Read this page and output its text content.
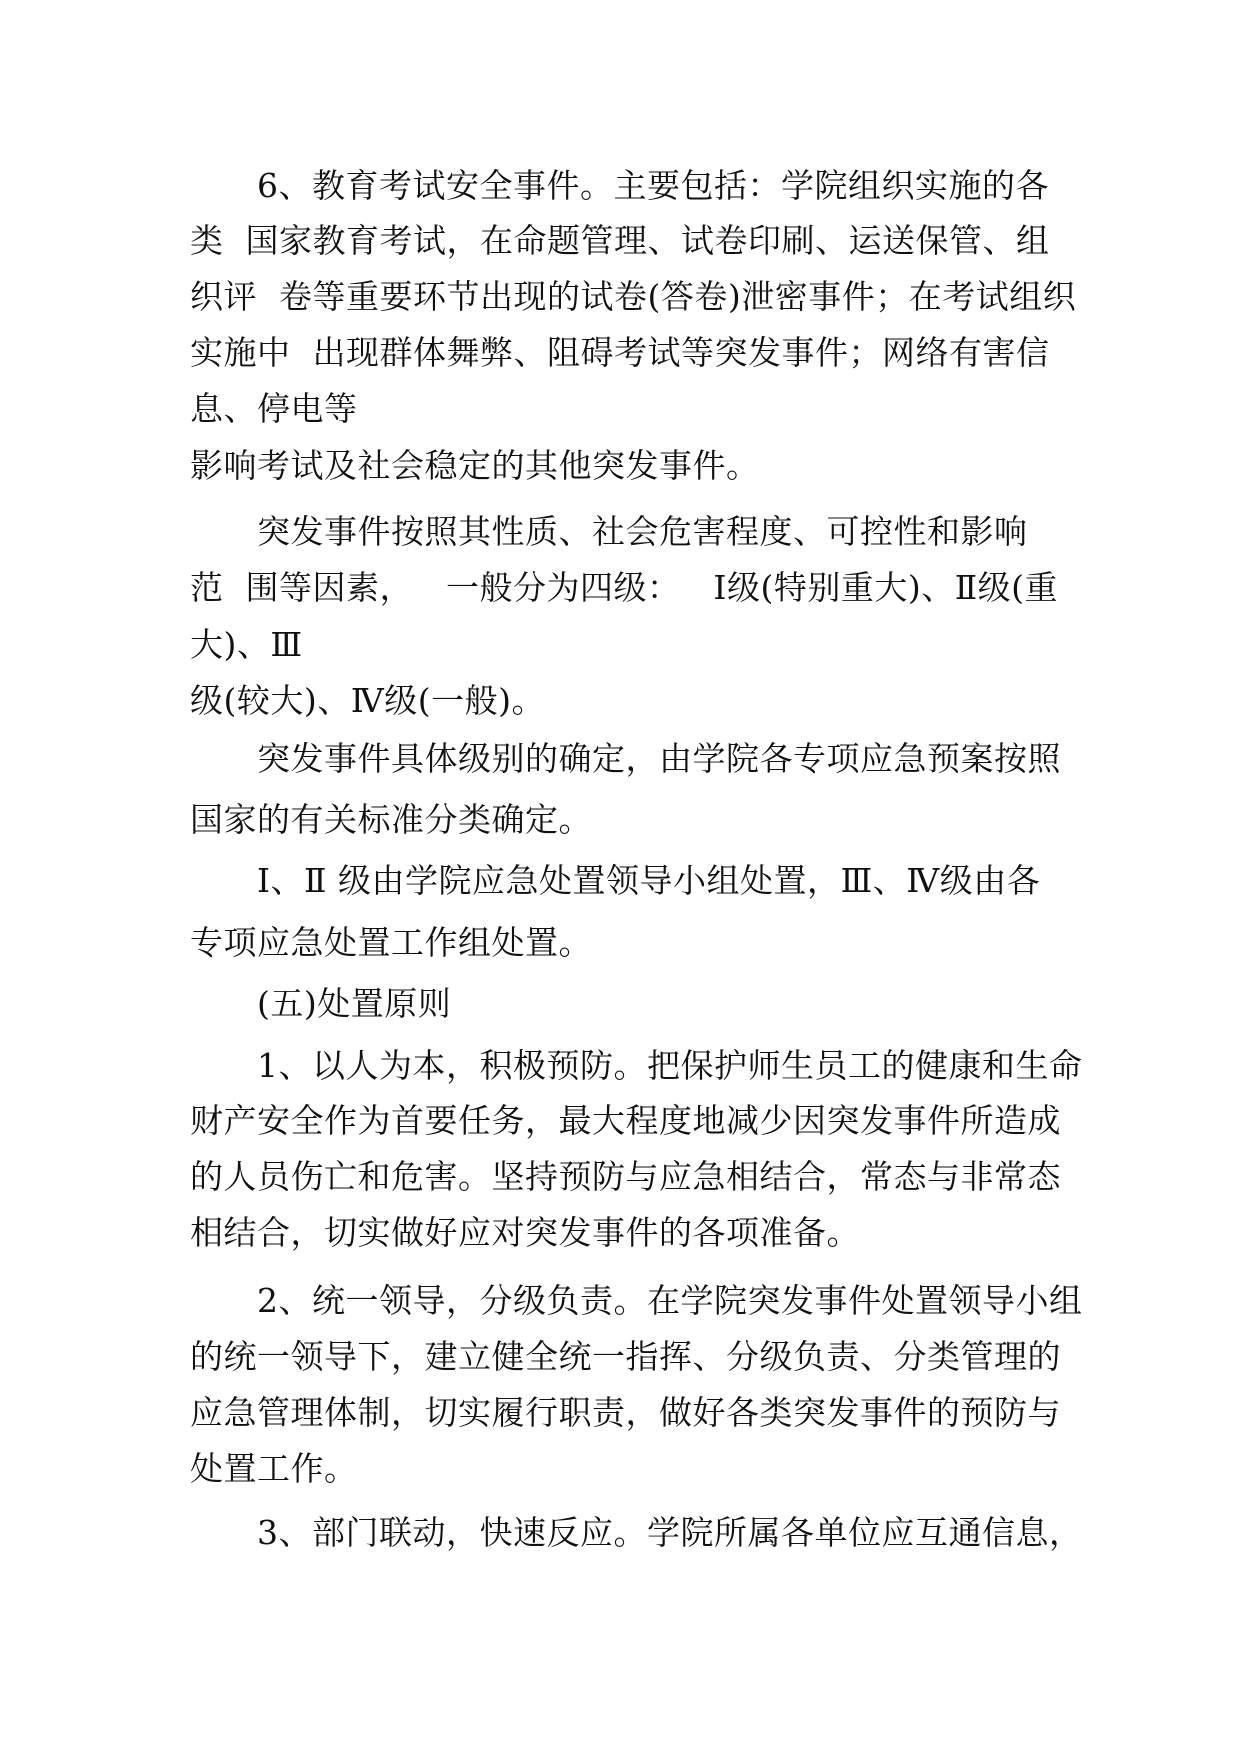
6、教育考试安全事件。主要包括：学院组织实施的各
类  国家教育考试，在命题管理、试卷印刷、运送保管、组
织评  卷等重要环节出现的试卷(答卷)泄密事件；在考试组织
实施中  出现群体舞弊、阻碍考试等突发事件；网络有害信
息、停电等
影响考试及社会稳定的其他突发事件。
突发事件按照其性质、社会危害程度、可控性和影响
范  围等因素，   一般分为四级：   Ⅰ级(特别重大)、Ⅱ级(重
大)、Ⅲ
级(较大)、Ⅳ级(一般)。
突发事件具体级别的确定，由学院各专项应急预案按照
国家的有关标准分类确定。
Ⅰ、Ⅱ 级由学院应急处置领导小组处置，Ⅲ、Ⅳ级由各
专项应急处置工作组处置。
(五)处置原则
1、以人为本，积极预防。把保护师生员工的健康和生命
财产安全作为首要任务，最大程度地减少因突发事件所造成
的人员伤亡和危害。坚持预防与应急相结合，常态与非常态
相结合，切实做好应对突发事件的各项准备。
2、统一领导，分级负责。在学院突发事件处置领导小组
的统一领导下，建立健全统一指挥、分级负责、分类管理的
应急管理体制，切实履行职责，做好各类突发事件的预防与
处置工作。
3、部门联动，快速反应。学院所属各单位应互通信息，
